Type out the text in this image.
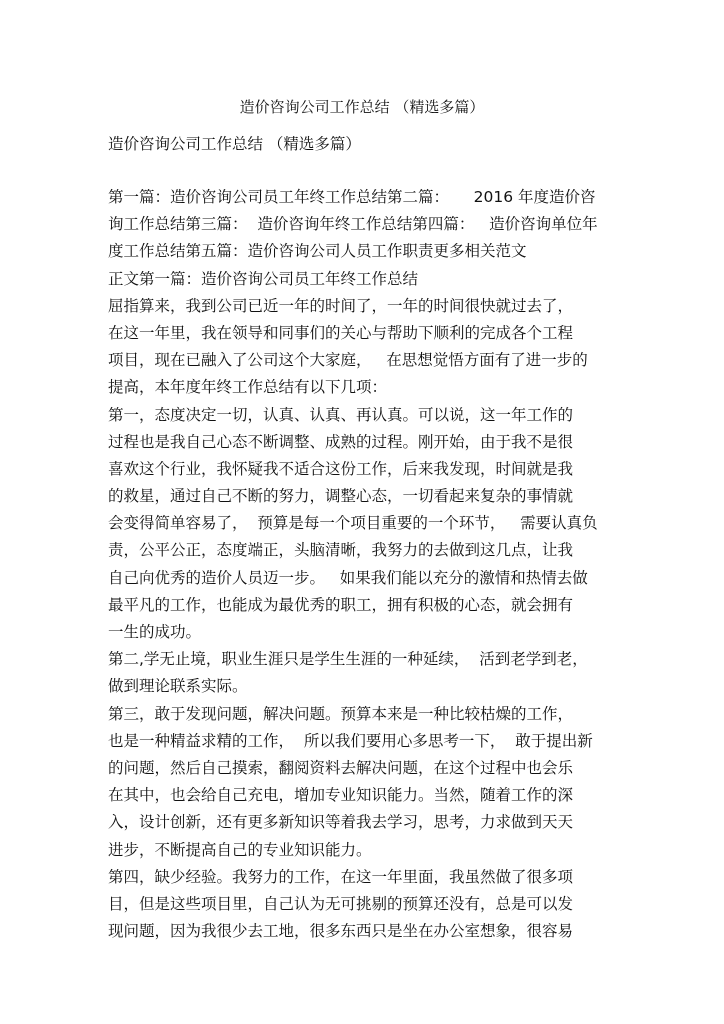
造价咨询公司工作总结 （精选多篇）
造价咨询公司工作总结 （精选多篇）
第一篇：造价咨询公司员工年终工作总结第二篇：     2016 年度造价咨
询工作总结第三篇：  造价咨询年终工作总结第四篇：   造价咨询单位年
度工作总结第五篇：造价咨询公司人员工作职责更多相关范文
正文第一篇：造价咨询公司员工年终工作总结
屈指算来，我到公司已近一年的时间了，一年的时间很快就过去了，
在这一年里，我在领导和同事们的关心与帮助下顺利的完成各个工程
项目，现在已融入了公司这个大家庭，   在思想觉悟方面有了进一步的
提高，本年度年终工作总结有以下几项：
第一，态度决定一切，认真、认真、再认真。可以说，这一年工作的
过程也是我自己心态不断调整、成熟的过程。刚开始，由于我不是很
喜欢这个行业，我怀疑我不适合这份工作，后来我发现，时间就是我
的救星，通过自己不断的努力，调整心态，一切看起来复杂的事情就
会变得简单容易了，  预算是每一个项目重要的一个环节，   需要认真负
责，公平公正，态度端正，头脑清晰，我努力的去做到这几点，让我
自己向优秀的造价人员迈一步。   如果我们能以充分的激情和热情去做
最平凡的工作，也能成为最优秀的职工，拥有积极的心态，就会拥有
一生的成功。
第二,学无止境，职业生涯只是学生生涯的一种延续，  活到老学到老，
做到理论联系实际。
第三，敢于发现问题，解决问题。预算本来是一种比较枯燥的工作，
也是一种精益求精的工作，  所以我们要用心多思考一下，  敢于提出新
的问题，然后自己摸索，翻阅资料去解决问题，在这个过程中也会乐
在其中，也会给自己充电，增加专业知识能力。当然，随着工作的深
入，设计创新，还有更多新知识等着我去学习，思考，力求做到天天
进步，不断提高自己的专业知识能力。
第四，缺少经验。我努力的工作，在这一年里面，我虽然做了很多项
目，但是这些项目里，自己认为无可挑剔的预算还没有，总是可以发
现问题，因为我很少去工地，很多东西只是坐在办公室想象，很容易
